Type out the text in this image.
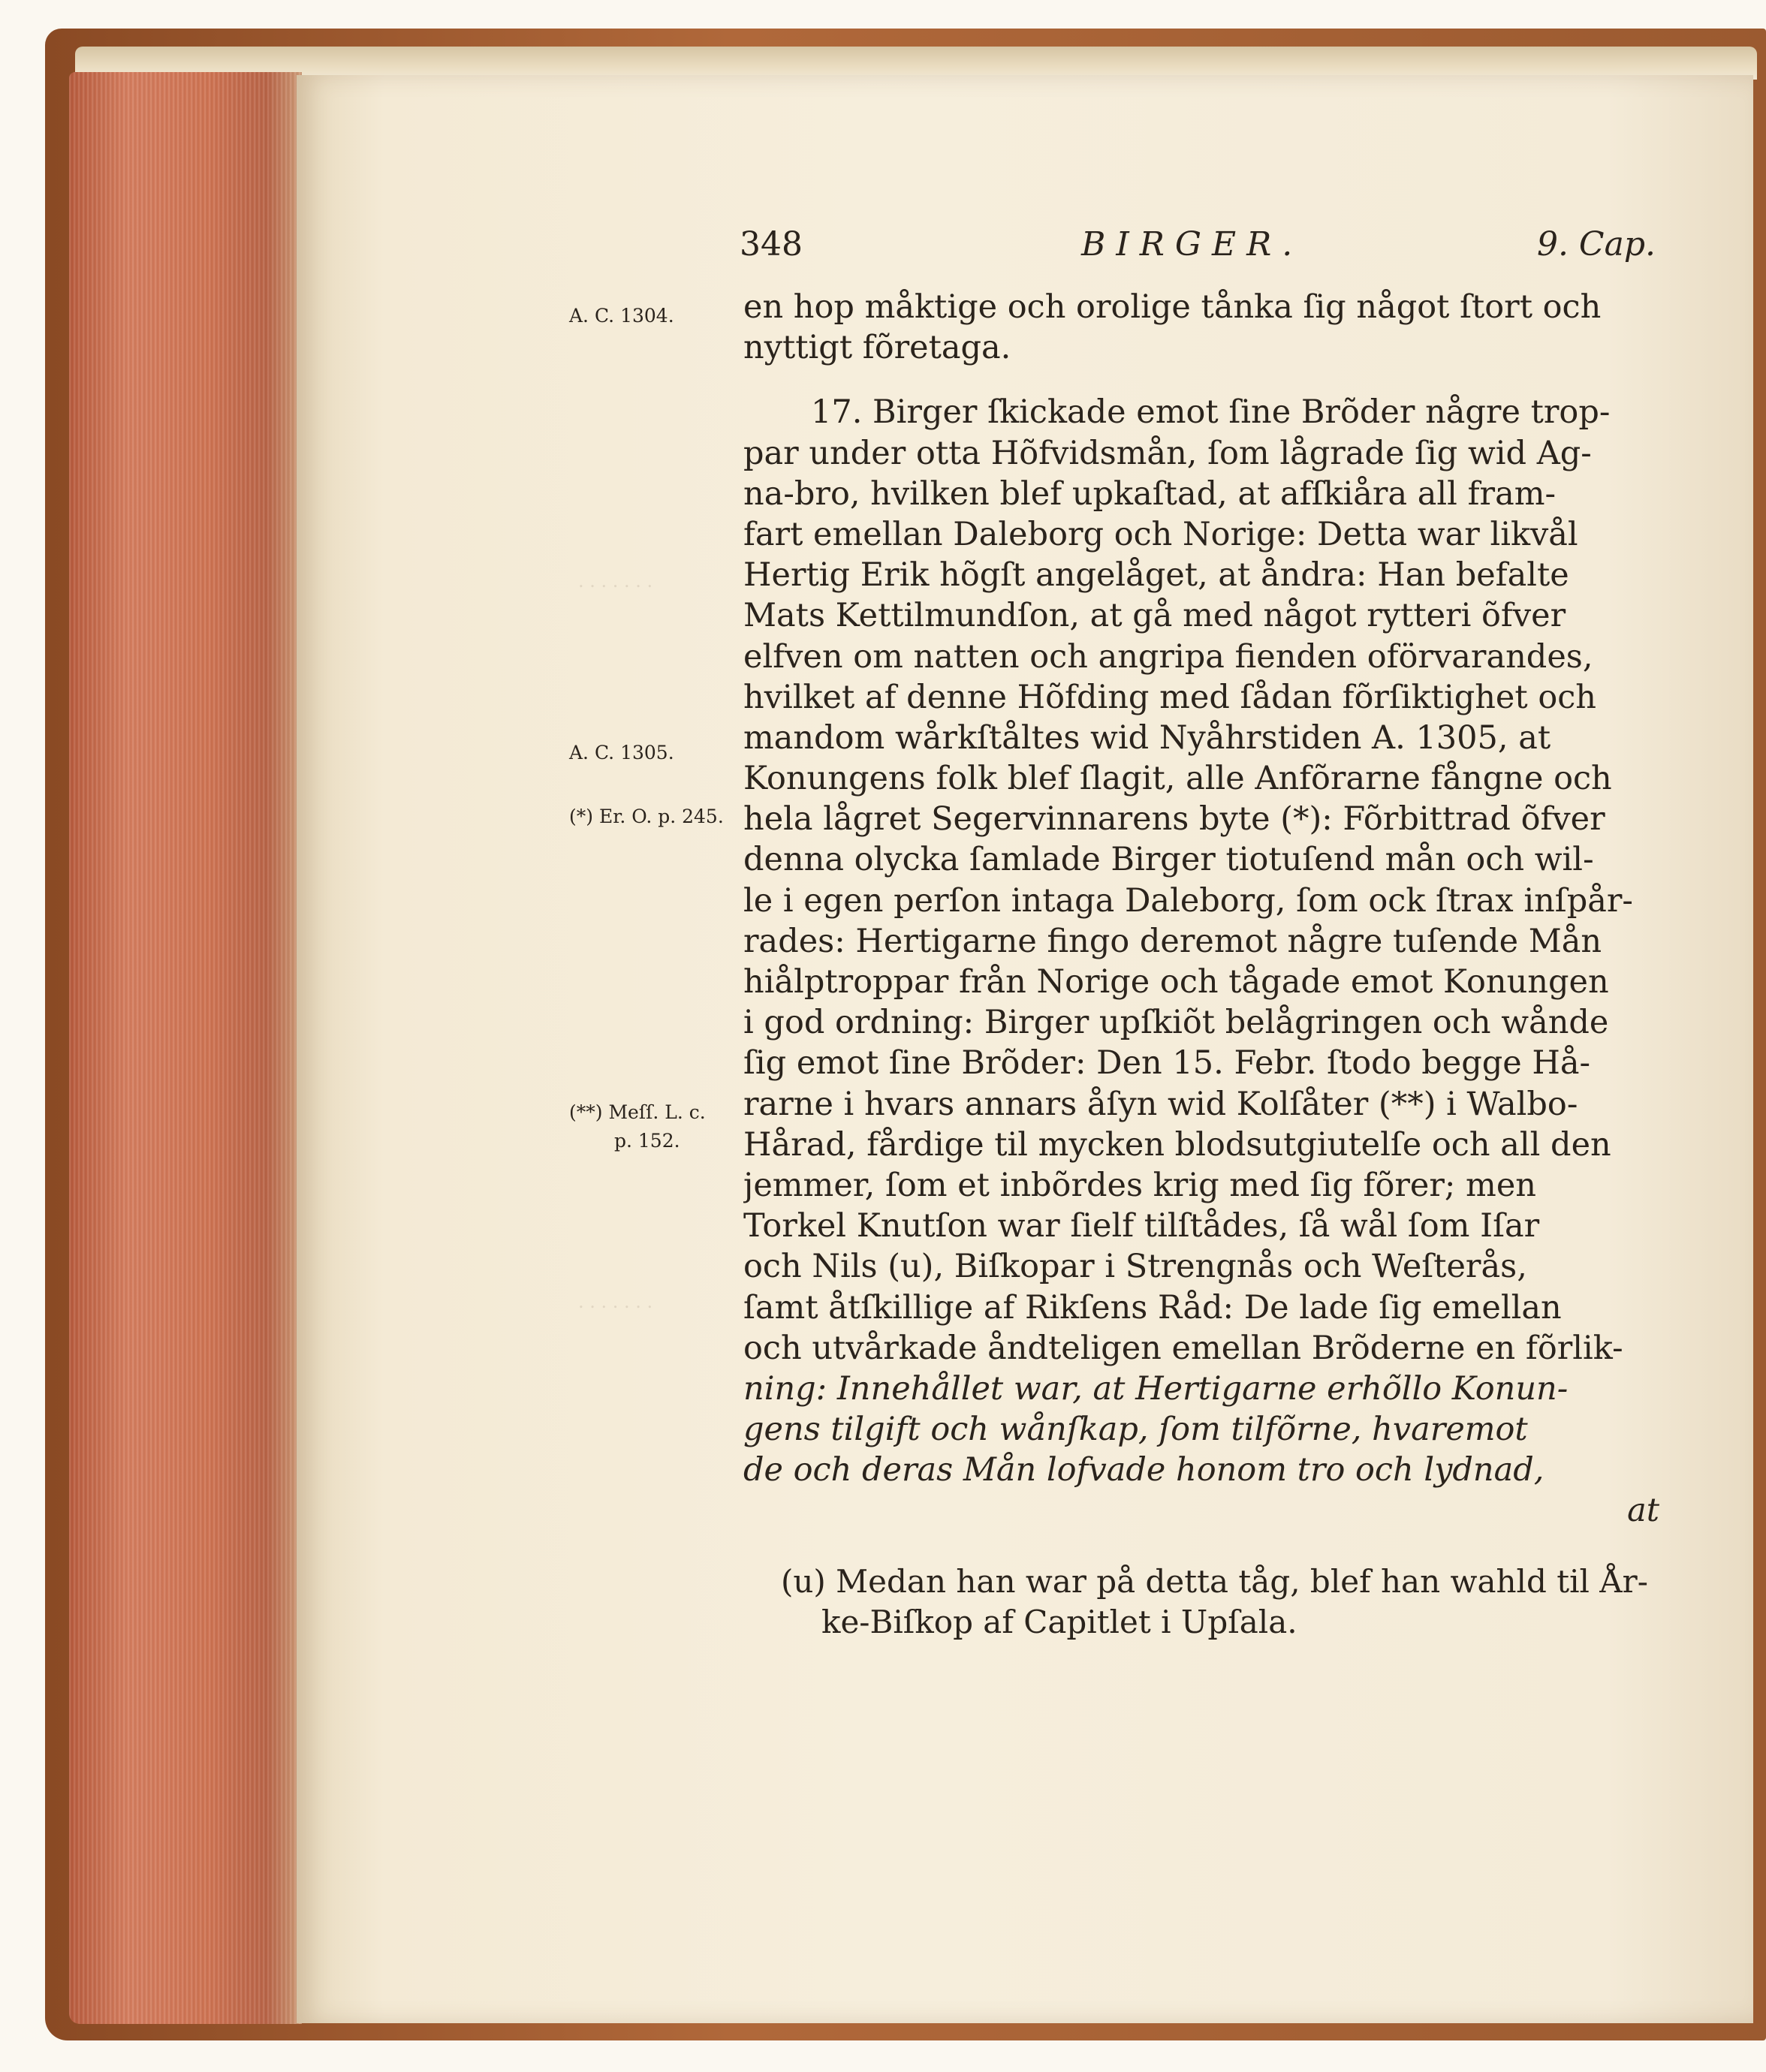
. . . . . . .
. . . . . . .
348	BIRGER.	9. Cap.
A. C. 1304.
A. C. 1305.
(*) Er. O. p. 245.
(**) Meſſ. L. c.
p. 152.
en hop måktige och orolige tånka ſig något ſtort och
nyttigt fõretaga.
17. Birger ſkickade emot ſine Brõder någre trop-
par under otta Hõfvidsmån, ſom lågrade ſig wid Ag-
na-bro, hvilken blef upkaſtad, at afſkiåra all fram-
fart emellan Daleborg och Norige: Detta war likvål
Hertig Erik hõgſt angelåget, at åndra: Han befalte
Mats Kettilmundſon, at gå med något rytteri õfver
elfven om natten och angripa fienden oförvarandes,
hvilket af denne Hõfding med ſådan fõrſiktighet och
mandom wårkſtåltes wid Nyåhrstiden A. 1305, at
Konungens folk blef ſlagit, alle Anfõrarne fångne och
hela lågret Segervinnarens byte (*): Fõrbittrad õfver
denna olycka ſamlade Birger tiotuſend mån och wil-
le i egen perſon intaga Daleborg, ſom ock ſtrax inſpår-
rades: Hertigarne fingo deremot någre tuſende Mån
hiålptroppar från Norige och tågade emot Konungen
i god ordning: Birger upſkiõt belågringen och wånde
ſig emot ſine Brõder: Den 15. Febr. ſtodo begge Hå-
rarne i hvars annars åſyn wid Kolſåter (**) i Walbo-
Hårad, fårdige til mycken blodsutgiutelſe och all den
jemmer, ſom et inbõrdes krig med ſig fõrer; men
Torkel Knutſon war ſielf tilſtådes, ſå wål ſom Iſar
och Nils (u), Biſkopar i Strengnås och Weſterås,
ſamt åtſkillige af Rikſens Råd: De lade ſig emellan
och utvårkade åndteligen emellan Brõderne en fõrlik-
ning: Innehållet war, at Hertigarne erhõllo Konun-
gens tilgift och wånſkap, ſom tilfõrne, hvaremot
de och deras Mån lofvade honom tro och lydnad,
at
(u) Medan han war på detta tåg, blef han wahld til År-
ke-Biſkop af Capitlet i Upſala.
